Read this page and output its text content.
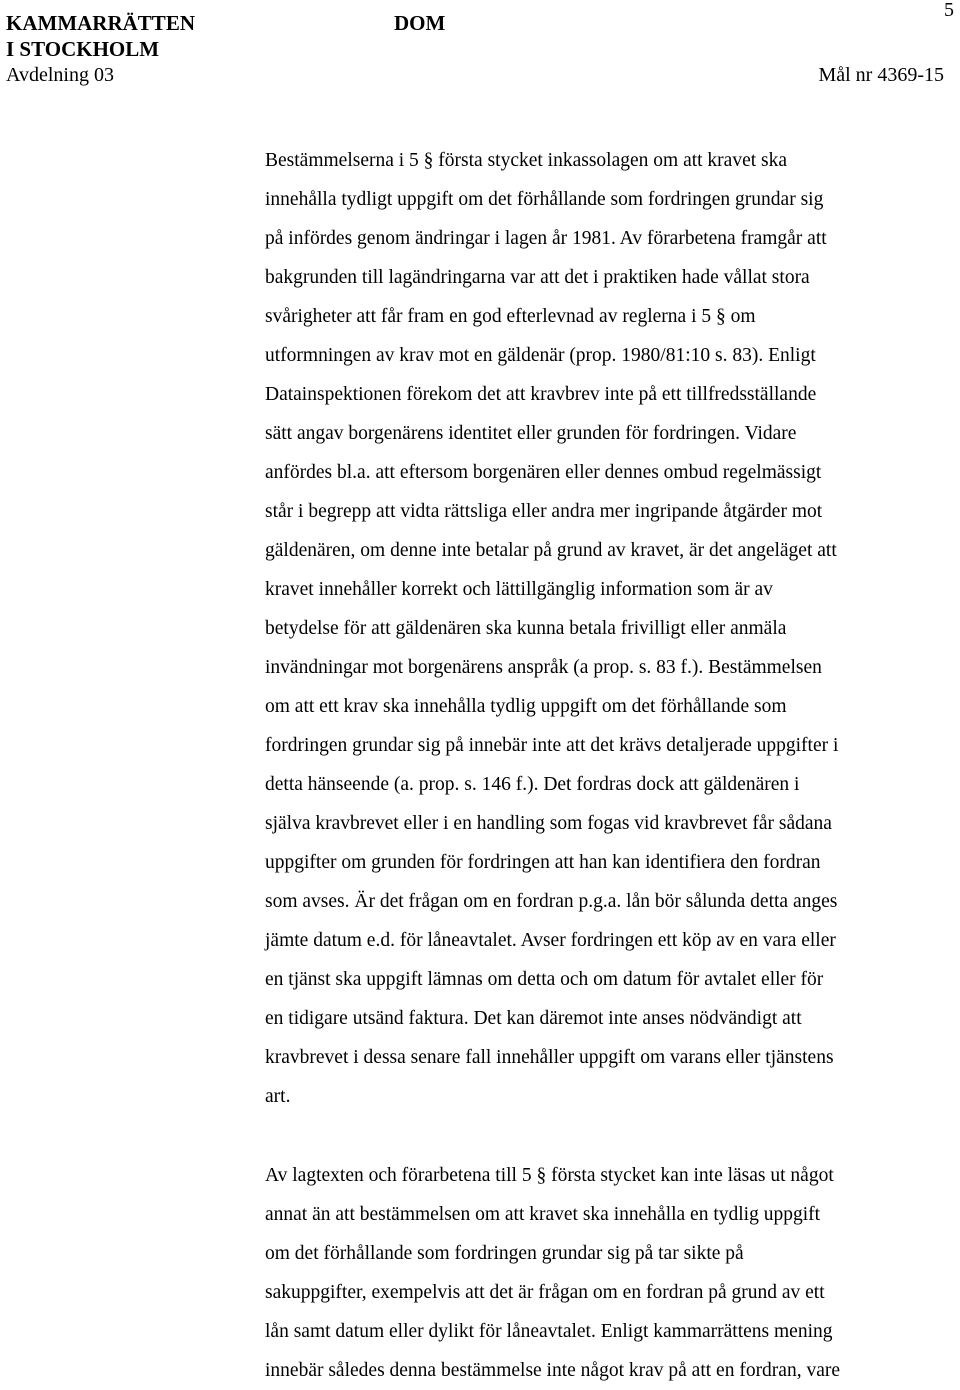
KAMMARRÄTTEN
I STOCKHOLM
Avdelning 03
DOM
5
Mål nr 4369-15
Bestämmelserna i 5 § första stycket inkassolagen om att kravet ska
innehålla tydligt uppgift om det förhållande som fordringen grundar sig
på infördes genom ändringar i lagen år 1981. Av förarbetena framgår att
bakgrunden till lagändringarna var att det i praktiken hade vållat stora
svårigheter att får fram en god efterlevnad av reglerna i 5 § om
utformningen av krav mot en gäldenär (prop. 1980/81:10 s. 83). Enligt
Datainspektionen förekom det att kravbrev inte på ett tillfredsställande
sätt angav borgenärens identitet eller grunden för fordringen. Vidare
anfördes bl.a. att eftersom borgenären eller dennes ombud regelmässigt
står i begrepp att vidta rättsliga eller andra mer ingripande åtgärder mot
gäldenären, om denne inte betalar på grund av kravet, är det angeläget att
kravet innehåller korrekt och lättillgänglig information som är av
betydelse för att gäldenären ska kunna betala frivilligt eller anmäla
invändningar mot borgenärens anspråk (a prop. s. 83 f.). Bestämmelsen
om att ett krav ska innehålla tydlig uppgift om det förhållande som
fordringen grundar sig på innebär inte att det krävs detaljerade uppgifter i
detta hänseende (a. prop. s. 146 f.). Det fordras dock att gäldenären i
själva kravbrevet eller i en handling som fogas vid kravbrevet får sådana
uppgifter om grunden för fordringen att han kan identifiera den fordran
som avses. Är det frågan om en fordran p.g.a. lån bör sålunda detta anges
jämte datum e.d. för låneavtalet. Avser fordringen ett köp av en vara eller
en tjänst ska uppgift lämnas om detta och om datum för avtalet eller för
en tidigare utsänd faktura. Det kan däremot inte anses nödvändigt att
kravbrevet i dessa senare fall innehåller uppgift om varans eller tjänstens
art.
Av lagtexten och förarbetena till 5 § första stycket kan inte läsas ut något
annat än att bestämmelsen om att kravet ska innehålla en tydlig uppgift
om det förhållande som fordringen grundar sig på tar sikte på
sakuppgifter, exempelvis att det är frågan om en fordran på grund av ett
lån samt datum eller dylikt för låneavtalet. Enligt kammarrättens mening
innebär således denna bestämmelse inte något krav på att en fordran, vare
